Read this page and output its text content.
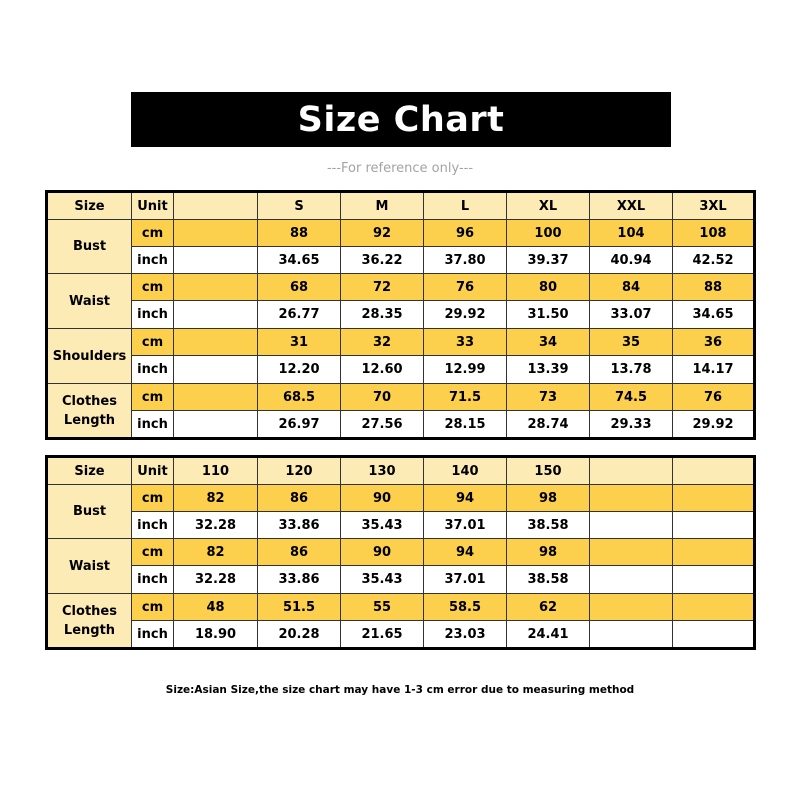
Size Chart
---For reference only---
Size	Unit		S	M	L	XL	XXL	3XL
Bust	cm		88	92	96	100	104	108
	inch		34.65	36.22	37.80	39.37	40.94	42.52
Waist	cm		68	72	76	80	84	88
	inch		26.77	28.35	29.92	31.50	33.07	34.65
Shoulders	cm		31	32	33	34	35	36
	inch		12.20	12.60	12.99	13.39	13.78	14.17
Clothes Length	cm		68.5	70	71.5	73	74.5	76
	inch		26.97	27.56	28.15	28.74	29.33	29.92
Size	Unit	110	120	130	140	150		
Bust	cm	82	86	90	94	98		
	inch	32.28	33.86	35.43	37.01	38.58		
Waist	cm	82	86	90	94	98		
	inch	32.28	33.86	35.43	37.01	38.58		
Clothes Length	cm	48	51.5	55	58.5	62		
	inch	18.90	20.28	21.65	23.03	24.41		
Size:Asian Size,the size chart may have 1-3 cm error due to measuring method
